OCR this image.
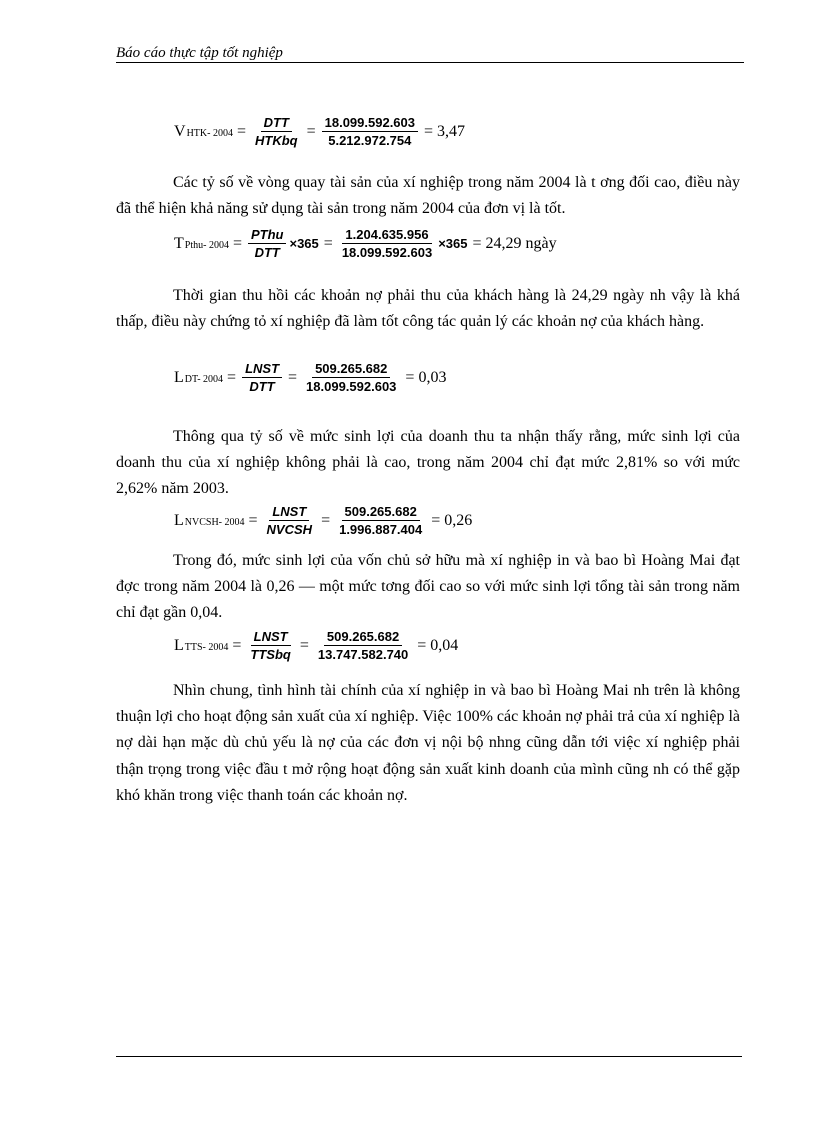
Báo cáo thực tập tốt nghiệp
V HTK- $2004 = \frac{\text{DTT}}{\text{HTKbq}} = \frac{18.099.592.603}{5.212.972.754} = 3,47$

Các tỷ số về vòng quay tài sản của xí nghiệp trong năm 2004 là t ơng đối cao, điều này đã thể hiện khả năng sử dụng tài sản trong năm 2004 của đơn vị là tốt.

T Pthu- $2004 = \frac{\text{PThu}}{\text{DTT}} \times 365 = \frac{1.204.635.956}{18.099.592.603} \times 365 = 24,29$ ngày

Thời gian thu hồi các khoản nợ phải thu của khách hàng là 24,29 ngày nh vậy là khá thấp, điều này chứng tỏ xí nghiệp đã làm tốt công tác quản lý các khoản nợ của khách hàng.

L DT- $2004 = \frac{\text{LNST}}{\text{DTT}} = \frac{509.265.682}{18.099.592.603} = 0,03$

Thông qua tỷ số về mức sinh lợi của doanh thu ta nhận thấy rằng, mức sinh lợi của doanh thu của xí nghiệp không phải là cao, trong năm 2004 chỉ đạt mức 2,81% so với mức 2,62% năm 2003.

L NVCSH- $2004 = \frac{\text{LNST}}{\text{NVCSH}} = \frac{509.265.682}{1.996.887.404} = 0,26$

Trong đó, mức sinh lợi của vốn chủ sở hữu mà xí nghiệp in và bao bì Hoàng Mai đạt đợc trong năm 2004 là 0,26 — một mức tơng đối cao so với mức sinh lợi tổng tài sản trong năm chỉ đạt gần 0,04.

L TTS- $2004 = \frac{\text{LNST}}{\text{TTSbq}} = \frac{509.265.682}{13.747.582.740} = 0,04$

Nhìn chung, tình hình tài chính của xí nghiệp in và bao bì Hoàng Mai nh trên là không thuận lợi cho hoạt động sản xuất của xí nghiệp. Việc 100% các khoản nợ phải trả của xí nghiệp là nợ dài hạn mặc dù chủ yếu là nợ của các đơn vị nội bộ nhng cũng dẫn tới việc xí nghiệp phải thận trọng trong việc đầu t mở rộng hoạt động sản xuất kinh doanh của mình cũng nh có thể gặp khó khăn trong việc thanh toán các khoản nợ.
